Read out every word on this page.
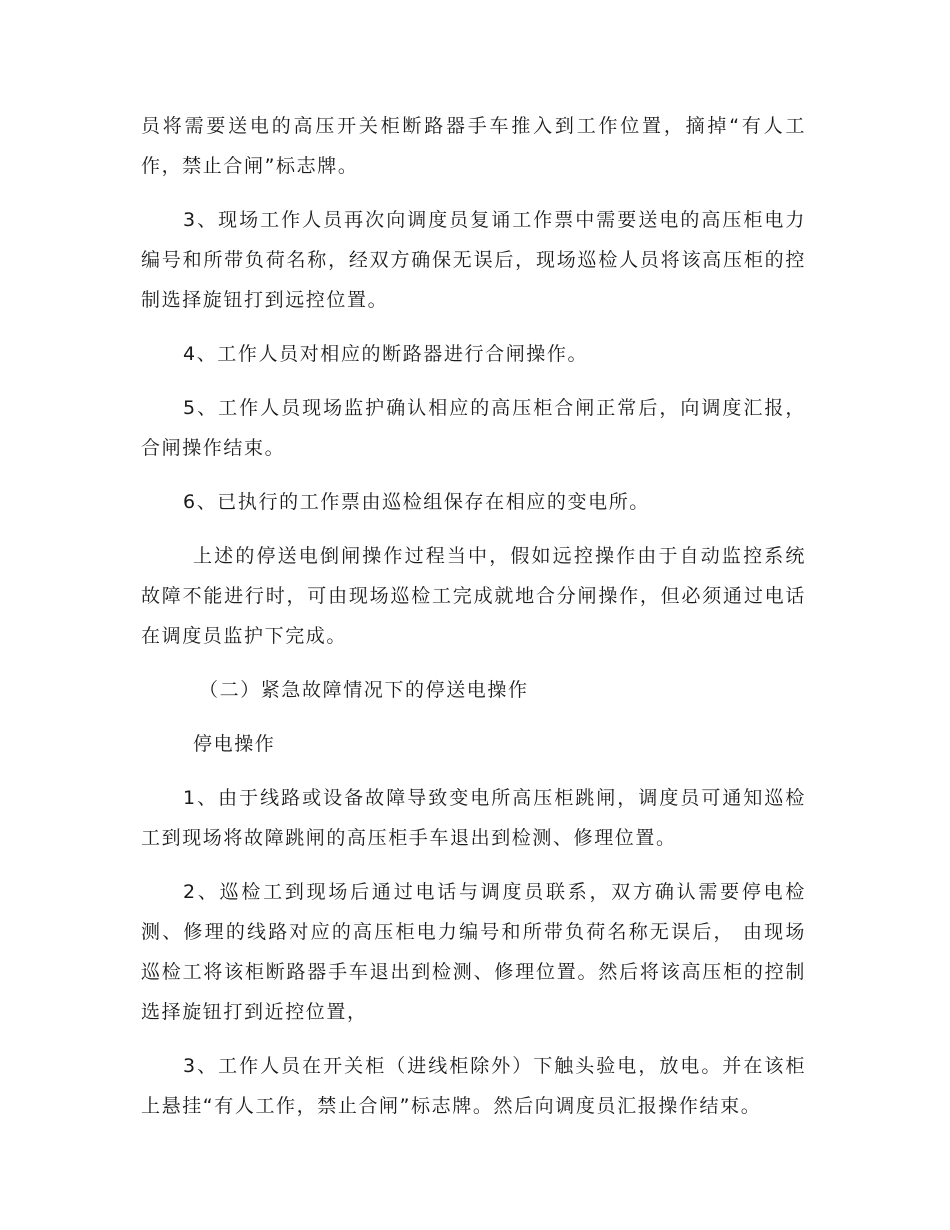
员将需要送电的高压开关柜断路器手车推入到工作位置，摘掉“有人工作，禁止合闸”标志牌。

3、现场工作人员再次向调度员复诵工作票中需要送电的高压柜电力编号和所带负荷名称，经双方确保无误后，现场巡检人员将该高压柜的控制选择旋钮打到远控位置。

4、工作人员对相应的断路器进行合闸操作。

5、工作人员现场监护确认相应的高压柜合闸正常后，向调度汇报，合闸操作结束。

6、已执行的工作票由巡检组保存在相应的变电所。

上述的停送电倒闸操作过程当中，假如远控操作由于自动监控系统故障不能进行时，可由现场巡检工完成就地合分闸操作，但必须通过电话在调度员监护下完成。

（二）紧急故障情况下的停送电操作

停电操作

1、由于线路或设备故障导致变电所高压柜跳闸，调度员可通知巡检工到现场将故障跳闸的高压柜手车退出到检测、修理位置。

2、巡检工到现场后通过电话与调度员联系，双方确认需要停电检测、修理的线路对应的高压柜电力编号和所带负荷名称无误后， 由现场巡检工将该柜断路器手车退出到检测、修理位置。然后将该高压柜的控制选择旋钮打到近控位置，

3、工作人员在开关柜（进线柜除外）下触头验电，放电。并在该柜上悬挂“有人工作，禁止合闸”标志牌。然后向调度员汇报操作结束。
